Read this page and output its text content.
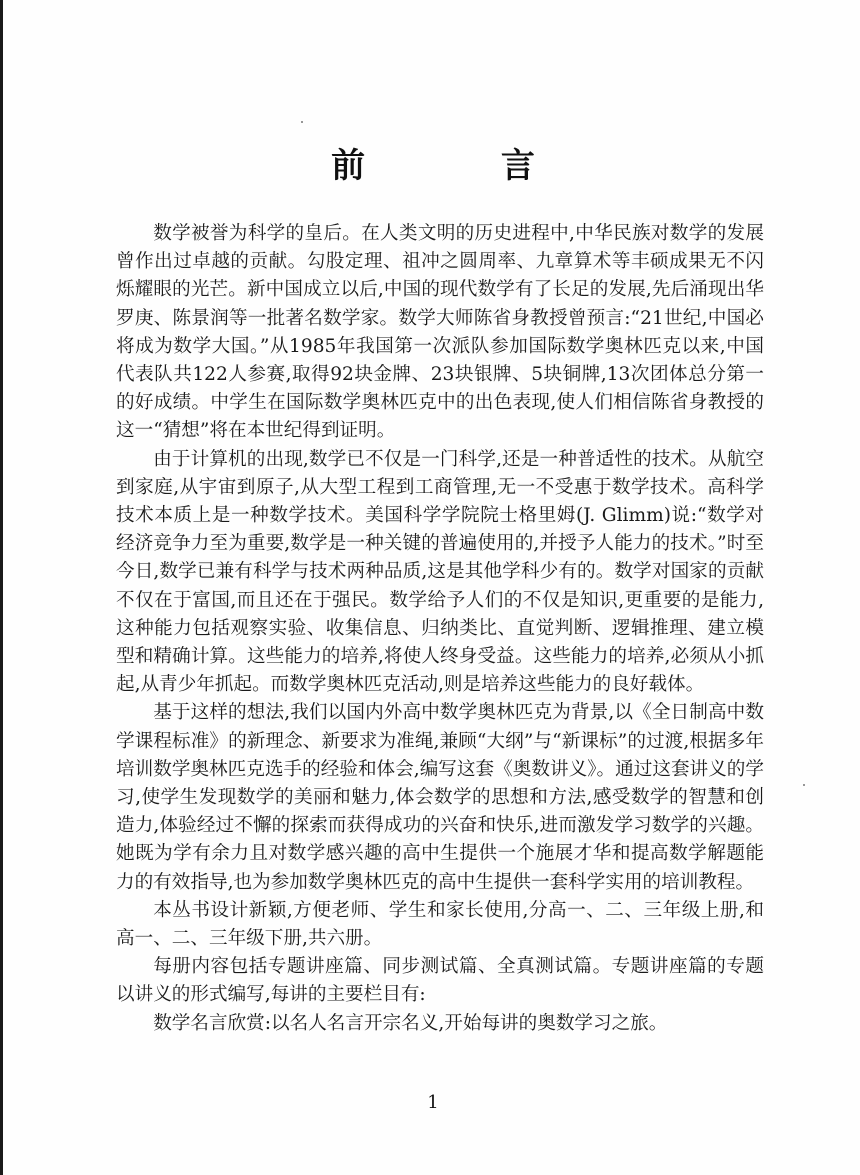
前 言

数学被誉为科学的皇后。在人类文明的历史进程中,中华民族对数学的发展曾作出过卓越的贡献。勾股定理、祖冲之圆周率、九章算术等丰硕成果无不闪烁耀眼的光芒。新中国成立以后,中国的现代数学有了长足的发展,先后涌现出华罗庚、陈景润等一批著名数学家。数学大师陈省身教授曾预言:“21世纪,中国必将成为数学大国。”从1985年我国第一次派队参加国际数学奥林匹克以来,中国代表队共122人参赛,取得92块金牌、23块银牌、5块铜牌,13次团体总分第一的好成绩。中学生在国际数学奥林匹克中的出色表现,使人们相信陈省身教授的这一“猜想”将在本世纪得到证明。

由于计算机的出现,数学已不仅是一门科学,还是一种普适性的技术。从航空到家庭,从宇宙到原子,从大型工程到工商管理,无一不受惠于数学技术。高科学技术本质上是一种数学技术。美国科学学院院士格里姆(J. Glimm)说:“数学对经济竞争力至为重要,数学是一种关键的普遍使用的,并授予人能力的技术。”时至今日,数学已兼有科学与技术两种品质,这是其他学科少有的。数学对国家的贡献不仅在于富国,而且还在于强民。数学给予人们的不仅是知识,更重要的是能力,这种能力包括观察实验、收集信息、归纳类比、直觉判断、逻辑推理、建立模型和精确计算。这些能力的培养,将使人终身受益。这些能力的培养,必须从小抓起,从青少年抓起。而数学奥林匹克活动,则是培养这些能力的良好载体。

基于这样的想法,我们以国内外高中数学奥林匹克为背景,以《全日制高中数学课程标准》的新理念、新要求为准绳,兼顾“大纲”与“新课标”的过渡,根据多年培训数学奥林匹克选手的经验和体会,编写这套《奥数讲义》。通过这套讲义的学习,使学生发现数学的美丽和魅力,体会数学的思想和方法,感受数学的智慧和创造力,体验经过不懈的探索而获得成功的兴奋和快乐,进而激发学习数学的兴趣。她既为学有余力且对数学感兴趣的高中生提供一个施展才华和提高数学解题能力的有效指导,也为参加数学奥林匹克的高中生提供一套科学实用的培训教程。

本丛书设计新颖,方便老师、学生和家长使用,分高一、二、三年级上册,和高一、二、三年级下册,共六册。

每册内容包括专题讲座篇、同步测试篇、全真测试篇。专题讲座篇的专题以讲义的形式编写,每讲的主要栏目有:

数学名言欣赏:以名人名言开宗名义,开始每讲的奥数学习之旅。

1
